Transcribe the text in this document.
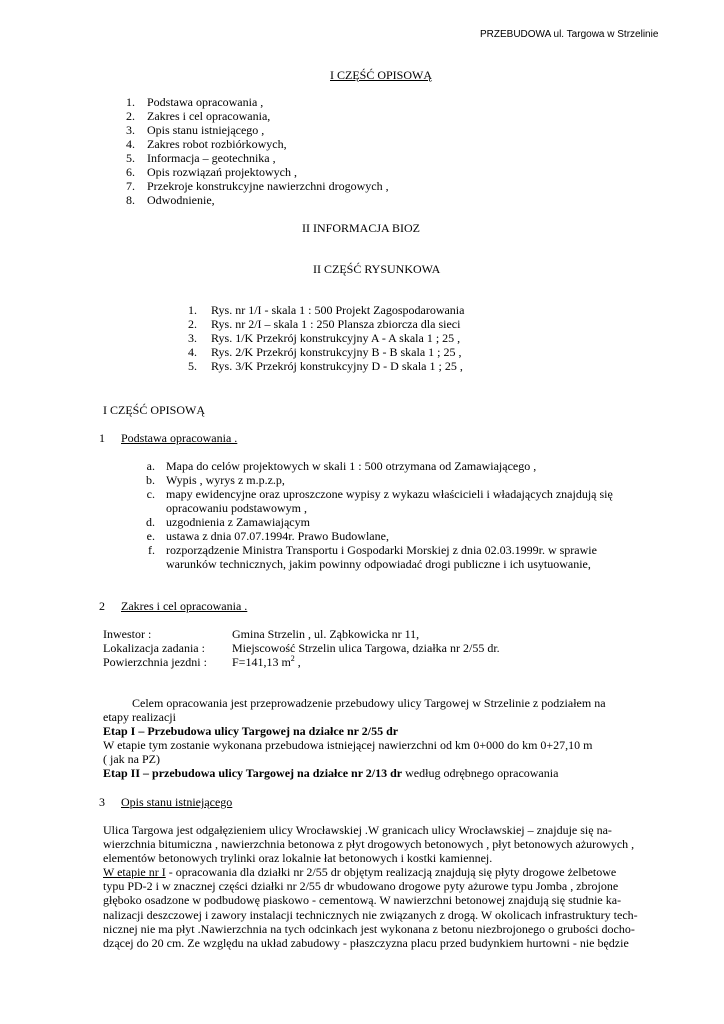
PRZEBUDOWA ul. Targowa w Strzelinie
I CZĘŚĆ OPISOWĄ
1. Podstawa opracowania ,
2. Zakres i cel opracowania,
3. Opis stanu istniejącego ,
4. Zakres robot rozbiórkowych,
5. Informacja – geotechnika ,
6. Opis rozwiązań projektowych ,
7. Przekroje konstrukcyjne nawierzchni drogowych ,
8. Odwodnienie,
II INFORMACJA BIOZ
II CZĘŚĆ RYSUNKOWA
1. Rys. nr 1/I - skala 1 : 500 Projekt Zagospodarowania
2. Rys. nr 2/I – skala 1 : 250 Plansza zbiorcza dla sieci
3. Rys. 1/K Przekrój konstrukcyjny A - A skala 1 ; 25 ,
4. Rys. 2/K Przekrój konstrukcyjny B - B skala 1 ; 25 ,
5. Rys. 3/K Przekrój konstrukcyjny D - D skala 1 ; 25 ,
I CZĘŚĆ OPISOWĄ
1 Podstawa opracowania .
a. Mapa do celów projektowych w skali 1 : 500 otrzymana od Zamawiającego ,
b. Wypis , wyrys z m.p.z.p,
c. mapy ewidencyjne oraz uproszczone wypisy z wykazu właścicieli i władających znajdują się
opracowaniu podstawowym ,
d. uzgodnienia z Zamawiającym
e. ustawa z dnia 07.07.1994r. Prawo Budowlane,
f. rozporządzenie Ministra Transportu i Gospodarki Morskiej z dnia 02.03.1999r. w sprawie
warunków technicznych, jakim powinny odpowiadać drogi publiczne i ich usytuowanie,
2 Zakres i cel opracowania .
Inwestor :	Gmina Strzelin , ul. Ząbkowicka nr 11,
Lokalizacja zadania : Miejscowość Strzelin ulica Targowa, działka nr 2/55 dr.
Powierzchnia jezdni : F=141,13 $m^2$ ,
Celem opracowania jest przeprowadzenie przebudowy ulicy Targowej w Strzelinie z podziałem na
etapy realizacji
Etap I – Przebudowa ulicy Targowej na działce nr 2/55 dr
W etapie tym zostanie wykonana przebudowa istniejącej nawierzchni od km 0+000 do km 0+27,10 m
( jak na PZ)
Etap II – przebudowa ulicy Targowej na działce nr 2/13 dr według odrębnego opracowania
3 Opis stanu istniejącego
Ulica Targowa jest odgałęzieniem ulicy Wrocławskiej .W granicach ulicy Wrocławskiej – znajduje się na-
wierzchnia bitumiczna , nawierzchnia betonowa z płyt drogowych betonowych , płyt betonowych ażurowych ,
elementów betonowych trylinki oraz lokalnie łat betonowych i kostki kamiennej.
W etapie nr I - opracowania dla działki nr 2/55 dr objętym realizacją znajdują się płyty drogowe żelbetowe
typu PD-2 i w znacznej części działki nr 2/55 dr wbudowano drogowe pyty ażurowe typu Jomba , zbrojone
głęboko osadzone w podbudowę piaskowo - cementową. W nawierzchni betonowej znajdują się studnie ka-
nalizacji deszczowej i zawory instalacji technicznych nie związanych z drogą. W okolicach infrastruktury tech-
nicznej nie ma płyt .Nawierzchnia na tych odcinkach jest wykonana z betonu niezbrojonego o grubości docho-
dzącej do 20 cm. Ze względu na układ zabudowy - płaszczyzna placu przed budynkiem hurtowni - nie będzie
